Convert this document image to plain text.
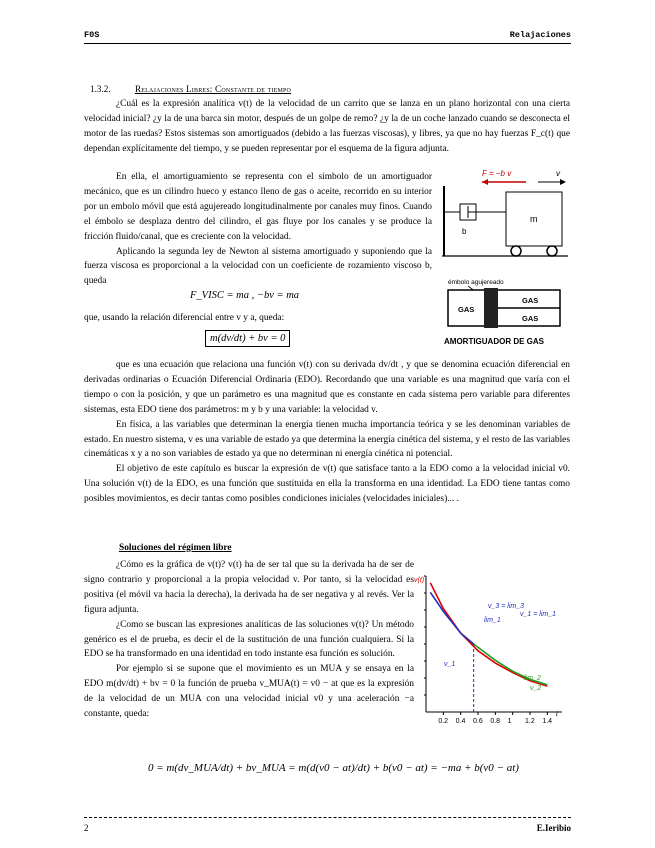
F0S	Relajaciones
1.3.2.	Relajaciones Libres: Constante de tiempo

¿Cuál es la expresión analítica v(t) de la velocidad de un carrito que se lanza en un plano horizontal con una cierta velocidad inicial? ¿y la de una barca sin motor, después de un golpe de remo? ¿y la de un coche lanzado cuando se desconecta el motor de las ruedas? Estos sistemas son amortiguados (debido a las fuerzas viscosas), y libres, ya que no hay fuerzas F_c(t) que dependan explícitamente del tiempo, y se pueden representar por el esquema de la figura adjunta.

En ella, el amortiguamiento se representa con el símbolo de un amortiguador mecánico, que es un cilindro hueco y estanco lleno de gas o aceite, recorrido en su interior por un embolo móvil que está agujereado longitudinalmente por canales muy finos. Cuando el émbolo se desplaza dentro del cilindro, el gas fluye por los canales y se produce la fricción fluido/canal, que es creciente con la velocidad.

Aplicando la segunda ley de Newton al sistema amortiguado y suponiendo que la fuerza viscosa es proporcional a la velocidad con un coeficiente de rozamiento viscoso b, queda

F_VISC = ma , −bv = ma

que, usando la relación diferencial entre v y a, queda:

m(dv/dt) + bv = 0
F = −b v	v
b
m
émbolo agujereado
GAS
GAS
GAS
AMORTIGUADOR DE GAS

que es una ecuación que relaciona una función v(t) con su derivada dv/dt , y que se denomina ecuación diferencial en derivadas ordinarias o Ecuación Diferencial Ordinaria (EDO). Recordando que una variable es una magnitud que varía con el tiempo o con la posición, y que un parámetro es una magnitud que es constante en cada sistema pero variable para diferentes sistemas, esta EDO tiene dos parámetros: m y b y una variable: la velocidad v.

En física, a las variables que determinan la energía tienen mucha importancia teórica y se les denominan variables de estado. En nuestro sistema, v es una variable de estado ya que determina la energía cinética del sistema, y el resto de las variables cinemáticas x y a no son variables de estado ya que no determinan ni energía cinética ni potencial.

El objetivo de este capítulo es buscar la expresión de v(t) que satisface tanto a la EDO como a la velocidad inicial v0. Una solución v(t) de la EDO, es una función que sustituida en ella la transforma en una identidad. La EDO tiene tantas como posibles movimientos, es decir tantas como posibles condiciones iniciales (velocidades iniciales)... .

Soluciones del régimen libre

¿Cómo es la gráfica de v(t)? v(t) ha de ser tal que su la derivada ha de ser de signo contrario y proporcional a la propia velocidad v. Por tanto, si la velocidad es positiva (el móvil va hacia la derecha), la derivada ha de ser negativa y al revés. Ver la figura adjunta.

¿Como se buscan las expresiones analíticas de las soluciones v(t)? Un método genérico es el de prueba, es decir el de la sustitución de una función cualquiera. Si la EDO se ha transformado en una identidad en todo instante esa función es solución.

Por ejemplo si se supone que el movimiento es un MUA y se ensaya en la EDO m(dv/dt) + bv = 0 la función de prueba v_MUA(t) = v0 − at que es la expresión de la velocidad de un MUA con una velocidad inicial v0 y una aceleración −a constante, queda:

0.2 0.4 0.6 0.8 1 1.2 1.4
v(t)
v_1
v_2
v_1 = lim_1
lim_2
lim_1
v_3 = lim_3
t
0 = m(dv_MUA/dt) + bv_MUA = m(d(v0 − at)/dt) + b(v0 − at) = −ma + b(v0 − at)
2	E.Ieribio
